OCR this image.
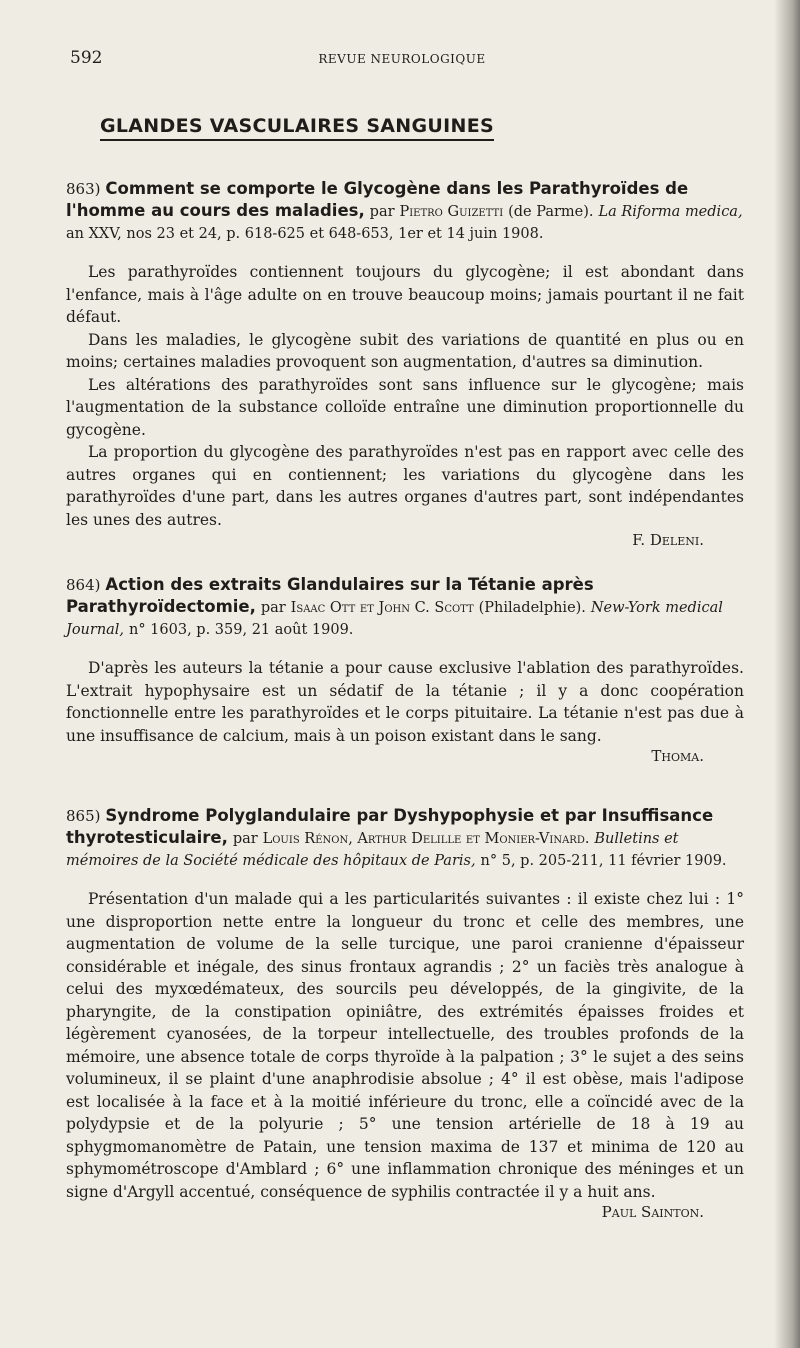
592	REVUE NEUROLOGIQUE
GLANDES VASCULAIRES SANGUINES
863) Comment se comporte le Glycogène dans les Parathyroïdes de l'homme au cours des maladies, par Pietro Guizetti (de Parme). La Riforma medica, an XXV, nos 23 et 24, p. 618-625 et 648-653, 1er et 14 juin 1908.

Les parathyroïdes contiennent toujours du glycogène; il est abondant dans l'enfance, mais à l'âge adulte on en trouve beaucoup moins; jamais pourtant il ne fait défaut.

Dans les maladies, le glycogène subit des variations de quantité en plus ou en moins; certaines maladies provoquent son augmentation, d'autres sa diminution.

Les altérations des parathyroïdes sont sans influence sur le glycogène; mais l'augmentation de la substance colloïde entraîne une diminution proportionnelle du gycogène.

La proportion du glycogène des parathyroïdes n'est pas en rapport avec celle des autres organes qui en contiennent; les variations du glycogène dans les parathyroïdes d'une part, dans les autres organes d'autres part, sont indépendantes les unes des autres.

F. Deleni.
864) Action des extraits Glandulaires sur la Tétanie après Parathyroïdectomie, par Isaac Ott et John C. Scott (Philadelphie). New-York medical Journal, n° 1603, p. 359, 21 août 1909.

D'après les auteurs la tétanie a pour cause exclusive l'ablation des parathyroïdes. L'extrait hypophysaire est un sédatif de la tétanie ; il y a donc coopération fonctionnelle entre les parathyroïdes et le corps pituitaire. La tétanie n'est pas due à une insuffisance de calcium, mais à un poison existant dans le sang.

Thoma.
865) Syndrome Polyglandulaire par Dyshypophysie et par Insuffisance thyrotesticulaire, par Louis Rénon, Arthur Delille et Monier-Vinard. Bulletins et mémoires de la Société médicale des hôpitaux de Paris, n° 5, p. 205-211, 11 février 1909.

Présentation d'un malade qui a les particularités suivantes : il existe chez lui : 1° une disproportion nette entre la longueur du tronc et celle des membres, une augmentation de volume de la selle turcique, une paroi cranienne d'épaisseur considérable et inégale, des sinus frontaux agrandis ; 2° un faciès très analogue à celui des myxœdémateux, des sourcils peu développés, de la gingivite, de la pharyngite, de la constipation opiniâtre, des extrémités épaisses froides et légèrement cyanosées, de la torpeur intellectuelle, des troubles profonds de la mémoire, une absence totale de corps thyroïde à la palpation ; 3° le sujet a des seins volumineux, il se plaint d'une anaphrodisie absolue ; 4° il est obèse, mais l'adipose est localisée à la face et à la moitié inférieure du tronc, elle a coïncidé avec de la polydypsie et de la polyurie ; 5° une tension artérielle de 18 à 19 au sphygmomanomètre de Patain, une tension maxima de 137 et minima de 120 au sphymométroscope d'Amblard ; 6° une inflammation chronique des méninges et un signe d'Argyll accentué, conséquence de syphilis contractée il y a huit ans.

Paul Sainton.
